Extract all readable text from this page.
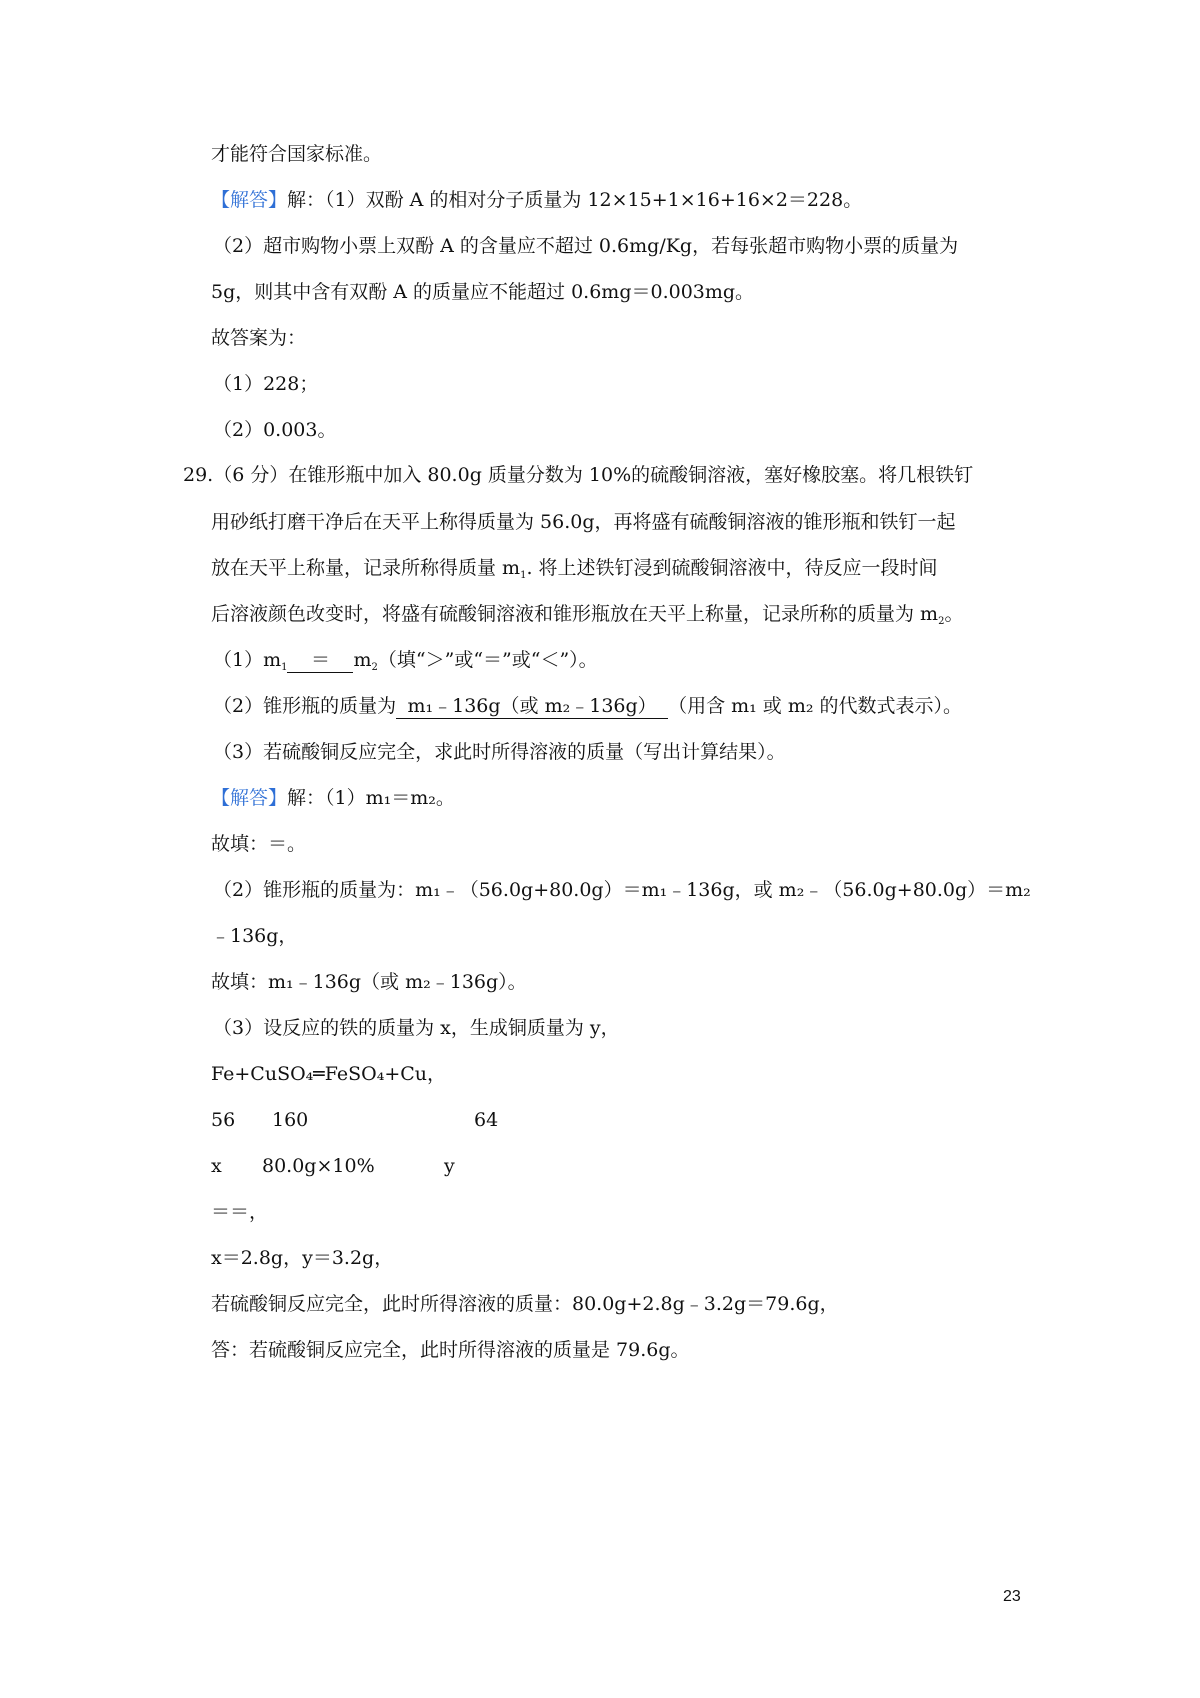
才能符合国家标准。
【解答】解：（1）双酚 A 的相对分子质量为 12×15+1×16+16×2＝228。
（2）超市购物小票上双酚 A 的含量应不超过 0.6mg/Kg，若每张超市购物小票的质量为
5g，则其中含有双酚 A 的质量应不能超过 0.6mg＝0.003mg。
故答案为：
（1）228；
（2）0.003。
29.（6 分）在锥形瓶中加入 80.0g 质量分数为 10%的硫酸铜溶液，塞好橡胶塞。将几根铁钉
用砂纸打磨干净后在天平上称得质量为 56.0g，再将盛有硫酸铜溶液的锥形瓶和铁钉一起
放在天平上称量，记录所称得质量 $m_1$. 将上述铁钉浸到硫酸铜溶液中，待反应一段时间
后溶液颜色改变时，将盛有硫酸铜溶液和锥形瓶放在天平上称量，记录所称的质量为 $m_2$。
$(1)m_1 = m_2$（填“＞”或“＝”或“＜”）。
（2）锥形瓶的质量为 m₁﹣136g（或 m₂﹣136g） （用含 m₁ 或 m₂ 的代数式表示）。
（3）若硫酸铜反应完全，求此时所得溶液的质量（写出计算结果）。
【解答】解：（1）m₁＝m₂。
故填：＝。
（2）锥形瓶的质量为：m₁﹣（56.0g+80.0g）＝m₁﹣136g，或 m₂﹣（56.0g+80.0g）＝m₂
﹣136g，
故填：m₁﹣136g（或 m₂﹣136g）。
（3）设反应的铁的质量为 x，生成铜质量为 y，
Fe+CuSO₄═FeSO₄+Cu，
56 160	64
x 80.0g×10%	y
＝＝，
x＝2.8g，y＝3.2g，
若硫酸铜反应完全，此时所得溶液的质量：80.0g+2.8g﹣3.2g＝79.6g，
答：若硫酸铜反应完全，此时所得溶液的质量是 79.6g。
23
